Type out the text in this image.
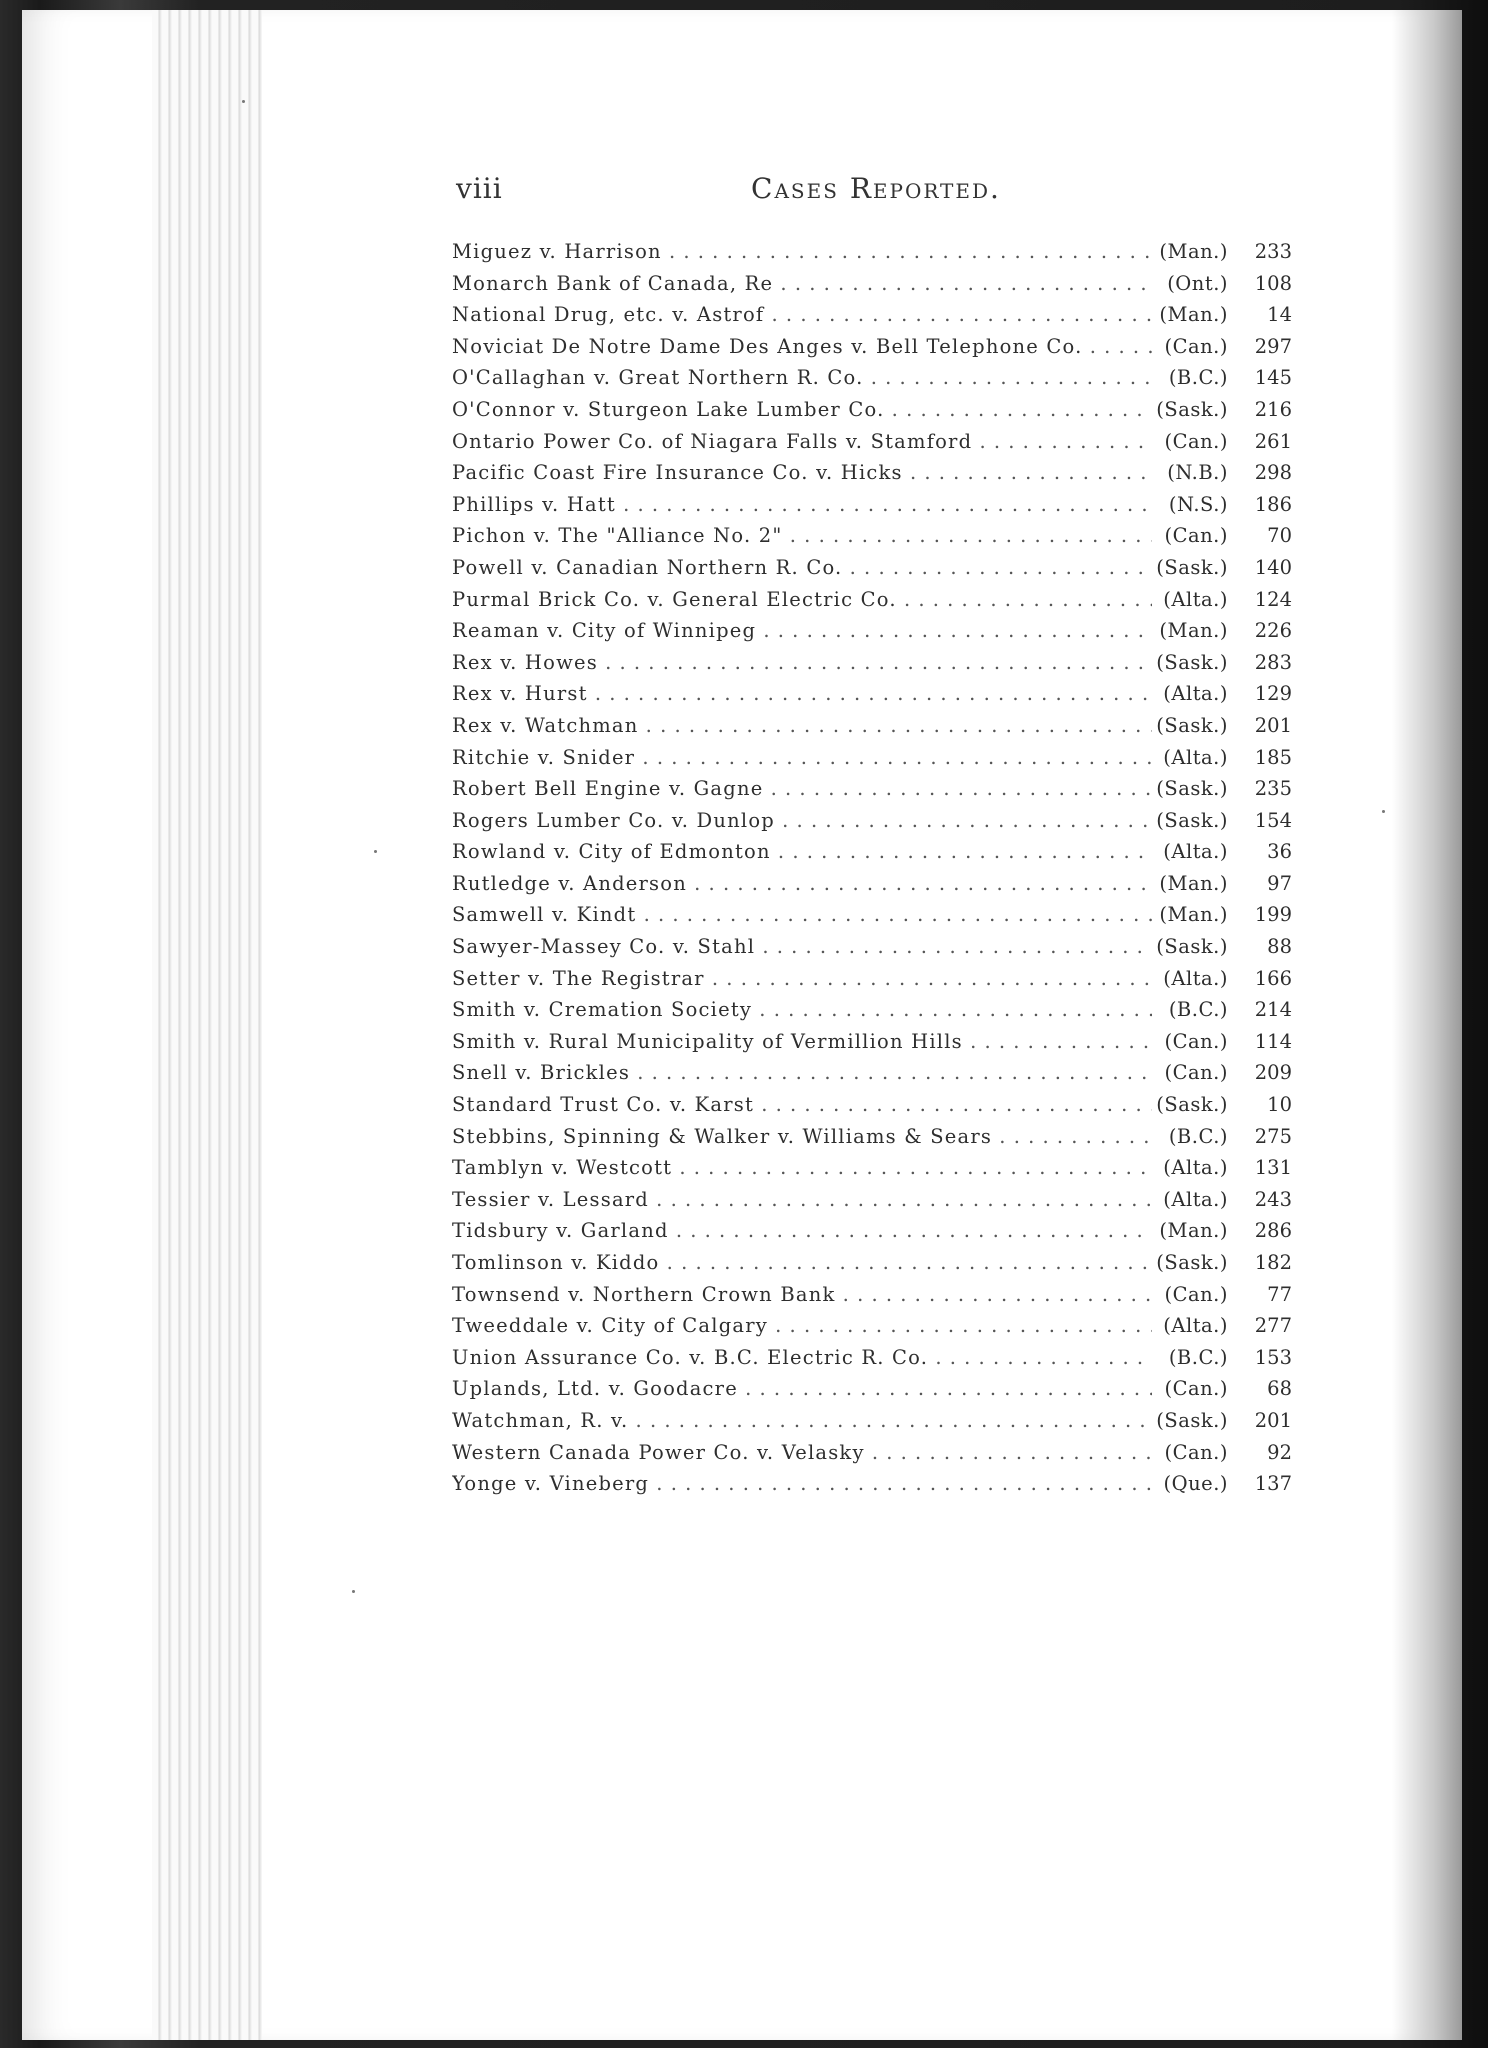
viii	Cases Reported.
Miguez v. Harrison . . .	(Man.)	233
Monarch Bank of Canada, Re . . .	(Ont.)	108
National Drug, etc. v. Astrof . . .	(Man.)	14
Noviciat De Notre Dame Des Anges v. Bell Telephone Co. . . .	(Can.)	297
O'Callaghan v. Great Northern R. Co. . . .	(B.C.)	145
O'Connor v. Sturgeon Lake Lumber Co. . . .	(Sask.)	216
Ontario Power Co. of Niagara Falls v. Stamford . . .	(Can.)	261
Pacific Coast Fire Insurance Co. v. Hicks . . .	(N.B.)	298
Phillips v. Hatt . . .	(N.S.)	186
Pichon v. The "Alliance No. 2" . . .	(Can.)	70
Powell v. Canadian Northern R. Co. . . .	(Sask.)	140
Purmal Brick Co. v. General Electric Co. . . .	(Alta.)	124
Reaman v. City of Winnipeg . . .	(Man.)	226
Rex v. Howes . . .	(Sask.)	283
Rex v. Hurst . . .	(Alta.)	129
Rex v. Watchman . . .	(Sask.)	201
Ritchie v. Snider . . .	(Alta.)	185
Robert Bell Engine v. Gagne . . .	(Sask.)	235
Rogers Lumber Co. v. Dunlop . . .	(Sask.)	154
Rowland v. City of Edmonton . . .	(Alta.)	36
Rutledge v. Anderson . . .	(Man.)	97
Samwell v. Kindt . . .	(Man.)	199
Sawyer-Massey Co. v. Stahl . . .	(Sask.)	88
Setter v. The Registrar . . .	(Alta.)	166
Smith v. Cremation Society . . .	(B.C.)	214
Smith v. Rural Municipality of Vermillion Hills . . .	(Can.)	114
Snell v. Brickles . . .	(Can.)	209
Standard Trust Co. v. Karst . . .	(Sask.)	10
Stebbins, Spinning & Walker v. Williams & Sears . . .	(B.C.)	275
Tamblyn v. Westcott . . .	(Alta.)	131
Tessier v. Lessard . . .	(Alta.)	243
Tidsbury v. Garland . . .	(Man.)	286
Tomlinson v. Kiddo . . .	(Sask.)	182
Townsend v. Northern Crown Bank . . .	(Can.)	77
Tweeddale v. City of Calgary . . .	(Alta.)	277
Union Assurance Co. v. B.C. Electric R. Co. . . .	(B.C.)	153
Uplands, Ltd. v. Goodacre . . .	(Can.)	68
Watchman, R. v. . . .	(Sask.)	201
Western Canada Power Co. v. Velasky . . .	(Can.)	92
Yonge v. Vineberg . . .	(Que.)	137
